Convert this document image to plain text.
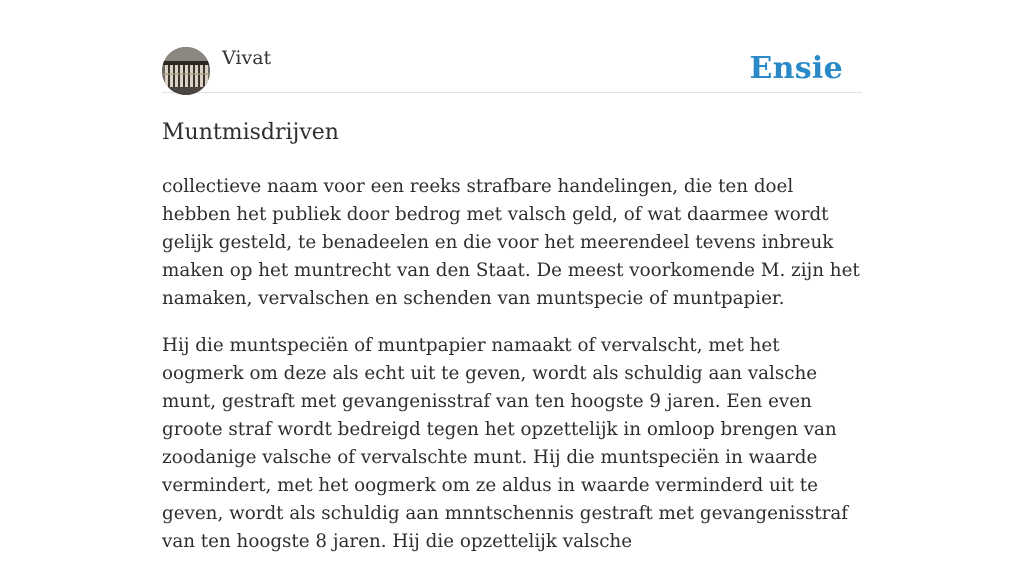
Vivat	Ensie
Muntmisdrijven

collectieve naam voor een reeks strafbare handelingen, die ten doel hebben het publiek door bedrog met valsch geld, of wat daarmee wordt gelijk gesteld, te benadeelen en die voor het meerendeel tevens inbreuk maken op het muntrecht van den Staat. De meest voorkomende M. zijn het namaken, vervalschen en schenden van muntspecie of muntpapier.

Hij die muntspeciën of muntpapier namaakt of vervalscht, met het oogmerk om deze als echt uit te geven, wordt als schuldig aan valsche munt, gestraft met gevangenisstraf van ten hoogste 9 jaren. Een even groote straf wordt bedreigd tegen het opzettelijk in omloop brengen van zoodanige valsche of vervalschte munt. Hij die muntspeciën in waarde vermindert, met het oogmerk om ze aldus in waarde verminderd uit te geven, wordt als schuldig aan mnntschennis gestraft met gevangenisstraf van ten hoogste 8 jaren. Hij die opzettelijk valsche
